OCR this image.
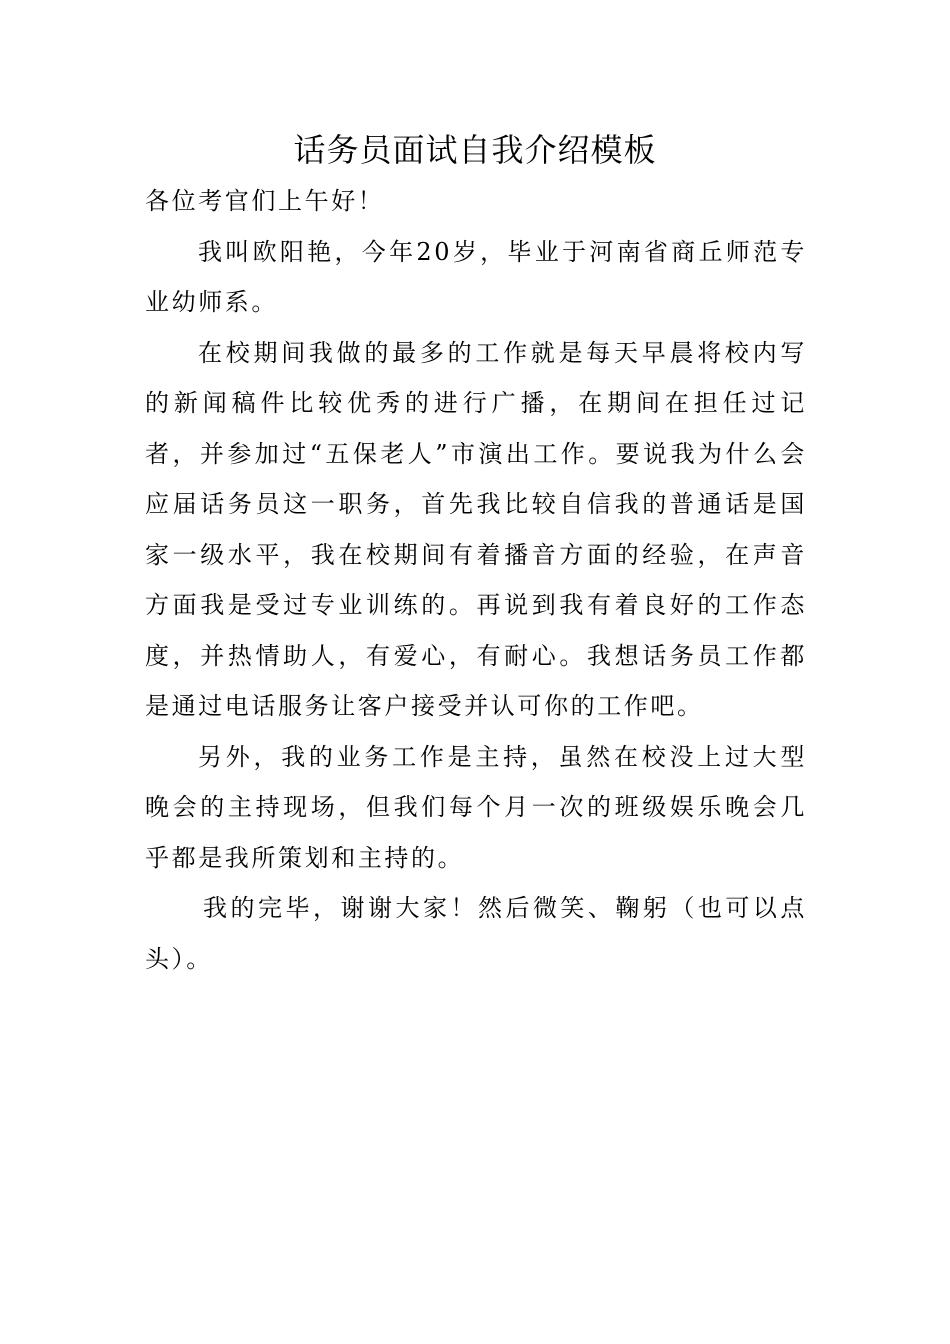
话务员面试自我介绍模板

各位考官们上午好！

我叫欧阳艳，今年20岁，毕业于河南省商丘师范专业幼师系。

在校期间我做的最多的工作就是每天早晨将校内写的新闻稿件比较优秀的进行广播，在期间在担任过记者，并参加过“五保老人”市演出工作。要说我为什么会应届话务员这一职务，首先我比较自信我的普通话是国家一级水平，我在校期间有着播音方面的经验，在声音方面我是受过专业训练的。再说到我有着良好的工作态度，并热情助人，有爱心，有耐心。我想话务员工作都是通过电话服务让客户接受并认可你的工作吧。

另外，我的业务工作是主持，虽然在校没上过大型晚会的主持现场，但我们每个月一次的班级娱乐晚会几乎都是我所策划和主持的。

我的完毕，谢谢大家！然后微笑、鞠躬（也可以点头）。
